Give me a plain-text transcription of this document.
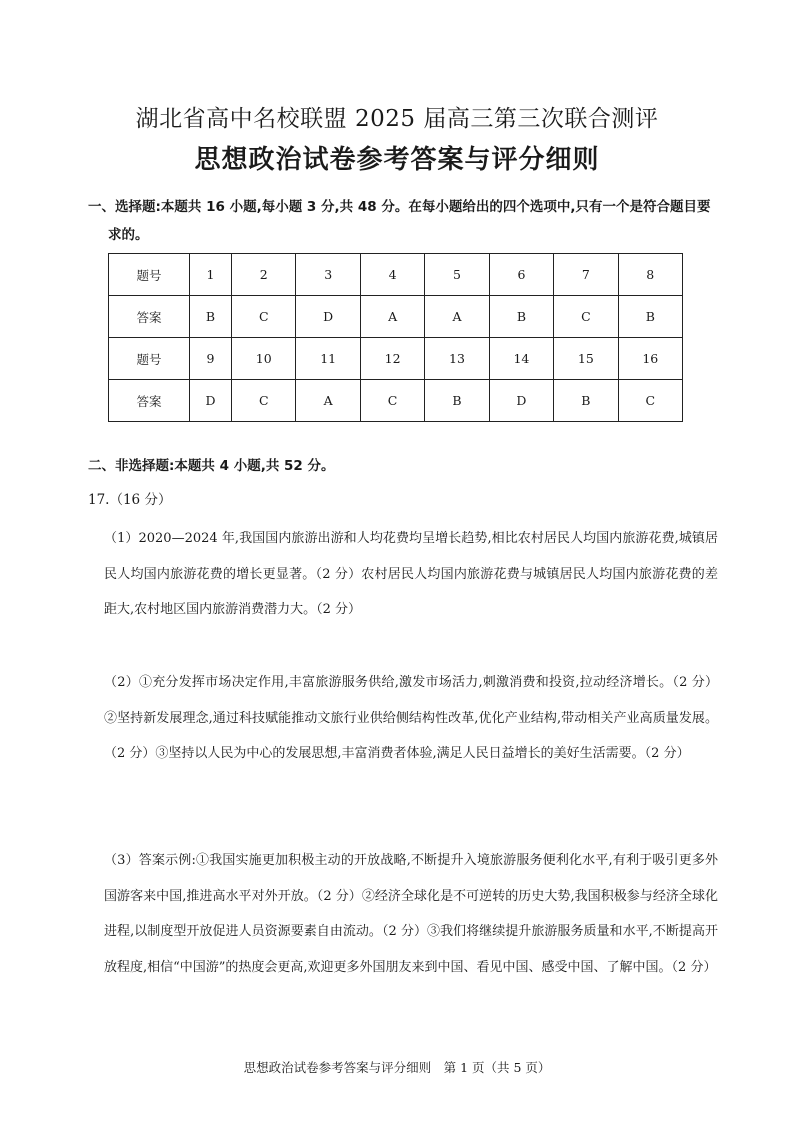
湖北省高中名校联盟 2025 届高三第三次联合测评
思想政治试卷参考答案与评分细则
一、选择题:本题共 16 小题,每小题 3 分,共 48 分。在每小题给出的四个选项中,只有一个是符合题目要
求的。
题号	1	2	3	4	5	6	7	8
答案	B	C	D	A	A	B	C	B
题号	9	10	11	12	13	14	15	16
答案	D	C	A	C	B	D	B	C
二、非选择题:本题共 4 小题,共 52 分。
17.（16 分）
（1）2020—2024 年,我国国内旅游出游和人均花费均呈增长趋势,相比农村居民人均国内旅游花费,城镇居民人均国内旅游花费的增长更显著。（2 分）农村居民人均国内旅游花费与城镇居民人均国内旅游花费的差距大,农村地区国内旅游消费潜力大。（2 分）
（2）①充分发挥市场决定作用,丰富旅游服务供给,激发市场活力,刺激消费和投资,拉动经济增长。（2 分）②坚持新发展理念,通过科技赋能推动文旅行业供给侧结构性改革,优化产业结构,带动相关产业高质量发展。（2 分）③坚持以人民为中心的发展思想,丰富消费者体验,满足人民日益增长的美好生活需要。（2 分）
（3）答案示例:①我国实施更加积极主动的开放战略,不断提升入境旅游服务便利化水平,有利于吸引更多外国游客来中国,推进高水平对外开放。（2 分）②经济全球化是不可逆转的历史大势,我国积极参与经济全球化进程,以制度型开放促进人员资源要素自由流动。（2 分）③我们将继续提升旅游服务质量和水平,不断提高开放程度,相信“中国游”的热度会更高,欢迎更多外国朋友来到中国、看见中国、感受中国、了解中国。（2 分）
思想政治试卷参考答案与评分细则　第 1 页（共 5 页）
